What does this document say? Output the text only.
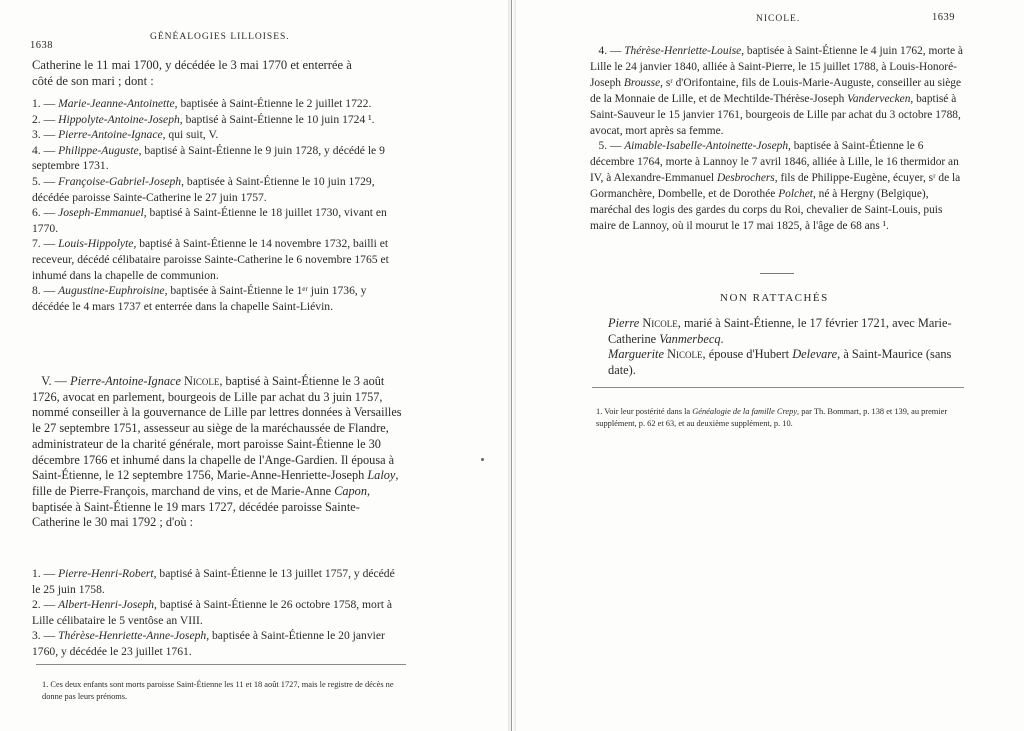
1638
GÉNÉALOGIES LILLOISES.

Catherine le 11 mai 1700, y décédée le 3 mai 1770 et enterrée à

côté de son mari ; dont :

1. — Marie-Jeanne-Antoinette, baptisée à Saint-Étienne le 2 juillet 1722.

2. — Hippolyte-Antoine-Joseph, baptisé à Saint-Étienne le 10 juin 1724 ¹.

3. — Pierre-Antoine-Ignace, qui suit, V.

4. — Philippe-Auguste, baptisé à Saint-Étienne le 9 juin 1728, y décédé le 9 septembre 1731.

5. — Françoise-Gabriel-Joseph, baptisée à Saint-Étienne le 10 juin 1729, décédée paroisse Sainte-Catherine le 27 juin 1757.

6. — Joseph-Emmanuel, baptisé à Saint-Étienne le 18 juillet 1730, vivant en 1770.

7. — Louis-Hippolyte, baptisé à Saint-Étienne le 14 novembre 1732, bailli et receveur, décédé célibataire paroisse Sainte-Catherine le 6 novembre 1765 et inhumé dans la chapelle de communion.

8. — Augustine-Euphroisine, baptisée à Saint-Étienne le 1ᵉʳ juin 1736, y décédée le 4 mars 1737 et enterrée dans la chapelle Saint-Liévin.

V. — Pierre-Antoine-Ignace Nicole, baptisé à Saint-Étienne le 3 août 1726, avocat en parlement, bourgeois de Lille par achat du 3 juin 1757, nommé conseiller à la gouvernance de Lille par lettres données à Versailles le 27 septembre 1751, assesseur au siège de la maréchaussée de Flandre, administrateur de la charité générale, mort paroisse Saint-Étienne le 30 décembre 1766 et inhumé dans la chapelle de l'Ange-Gardien. Il épousa à Saint-Étienne, le 12 septembre 1756, Marie-Anne-Henriette-Joseph Laloy, fille de Pierre-François, marchand de vins, et de Marie-Anne Capon, baptisée à Saint-Étienne le 19 mars 1727, décédée paroisse Sainte-Catherine le 30 mai 1792 ; d'où :

1. — Pierre-Henri-Robert, baptisé à Saint-Étienne le 13 juillet 1757, y décédé le 25 juin 1758.

2. — Albert-Henri-Joseph, baptisé à Saint-Étienne le 26 octobre 1758, mort à Lille célibataire le 5 ventôse an VIII.

3. — Thérèse-Henriette-Anne-Joseph, baptisée à Saint-Étienne le 20 janvier 1760, y décédée le 23 juillet 1761.

1. Ces deux enfants sont morts paroisse Saint-Étienne les 11 et 18 août 1727, mais le registre de décès ne donne pas leurs prénoms.
NICOLE.	1639

4. — Thérèse-Henriette-Louise, baptisée à Saint-Étienne le 4 juin 1762, morte à Lille le 24 janvier 1840, alliée à Saint-Pierre, le 15 juillet 1788, à Louis-Honoré-Joseph Brousse, sʳ d'Orifontaine, fils de Louis-Marie-Auguste, conseiller au siège de la Monnaie de Lille, et de Mechtilde-Thérèse-Joseph Vandervecken, baptisé à Saint-Sauveur le 15 janvier 1761, bourgeois de Lille par achat du 3 octobre 1788, avocat, mort après sa femme.

5. — Aimable-Isabelle-Antoinette-Joseph, baptisée à Saint-Étienne le 6 décembre 1764, morte à Lannoy le 7 avril 1846, alliée à Lille, le 16 thermidor an IV, à Alexandre-Emmanuel Desbrochers, fils de Philippe-Eugène, écuyer, sʳ de la Gormanchère, Dombelle, et de Dorothée Polchet, né à Hergny (Belgique), maréchal des logis des gardes du corps du Roi, chevalier de Saint-Louis, puis maire de Lannoy, où il mourut le 17 mai 1825, à l'âge de 68 ans ¹.

NON RATTACHÉS

Pierre Nicole, marié à Saint-Étienne, le 17 février 1721, avec Marie-Catherine Vanmerbecq.

Marguerite Nicole, épouse d'Hubert Delevare, à Saint-Maurice (sans date).

1. Voir leur postérité dans la Généalogie de la famille Crepy, par Th. Bommart, p. 138 et 139, au premier supplément, p. 62 et 63, et au deuxième supplément, p. 10.
